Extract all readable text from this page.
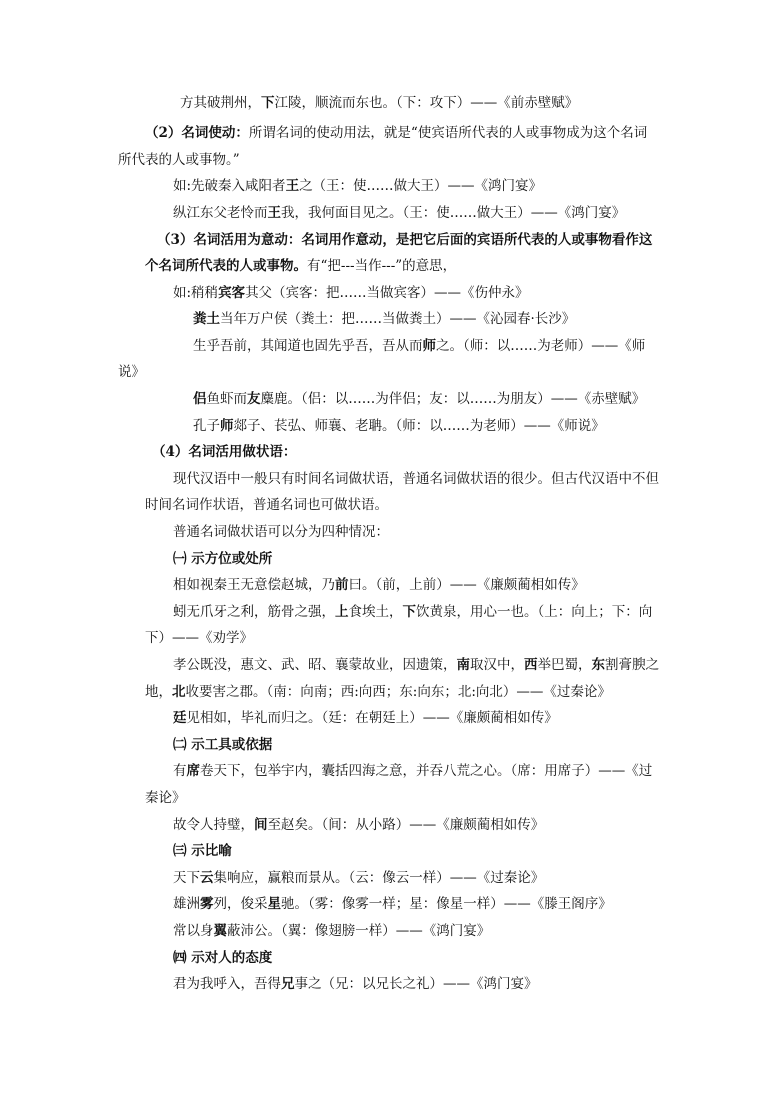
方其破荆州，下江陵，顺流而东也。（下：攻下）——《前赤壁赋》
（2）名词使动：所谓名词的使动用法，就是“使宾语所代表的人或事物成为这个名词
所代表的人或事物。”
如:先破秦入咸阳者王之（王：使……做大王）——《鸿门宴》
纵江东父老怜而王我，我何面目见之。（王：使……做大王）——《鸿门宴》
（3）名词活用为意动：名词用作意动，是把它后面的宾语所代表的人或事物看作这
个名词所代表的人或事物。有“把---当作---”的意思，
如:稍稍宾客其父（宾客：把……当做宾客）——《伤仲永》
粪土当年万户侯（粪土：把……当做粪土）——《沁园春·长沙》
生乎吾前，其闻道也固先乎吾，吾从而师之。（师：以……为老师）——《师
说》
侣鱼虾而友麋鹿。（侣：以……为伴侣；友：以……为朋友）——《赤壁赋》
孔子师郯子、苌弘、师襄、老聃。（师：以……为老师）——《师说》
（4）名词活用做状语：
现代汉语中一般只有时间名词做状语，普通名词做状语的很少。但古代汉语中不但
时间名词作状语，普通名词也可做状语。
普通名词做状语可以分为四种情况：
㈠ 示方位或处所
相如视秦王无意偿赵城，乃前曰。（前，上前）——《廉颇蔺相如传》
蚓无爪牙之利，筋骨之强，上食埃土，下饮黄泉，用心一也。（上：向上；下：向
下）——《劝学》
孝公既没，惠文、武、昭、襄蒙故业，因遗策，南取汉中，西举巴蜀，东割膏腴之
地，北收要害之郡。（南：向南；西:向西；东:向东；北:向北）——《过秦论》
廷见相如，毕礼而归之。（廷：在朝廷上）——《廉颇蔺相如传》
㈡ 示工具或依据
有席卷天下，包举宇内，囊括四海之意，并吞八荒之心。（席：用席子）——《过
秦论》
故令人持璧，间至赵矣。（间：从小路）——《廉颇蔺相如传》
㈢ 示比喻
天下云集响应，赢粮而景从。（云：像云一样）——《过秦论》
雄洲雾列，俊采星驰。（雾：像雾一样；星：像星一样）——《滕王阁序》
常以身翼蔽沛公。（翼：像翅膀一样）——《鸿门宴》
㈣ 示对人的态度
君为我呼入，吾得兄事之（兄：以兄长之礼）——《鸿门宴》
